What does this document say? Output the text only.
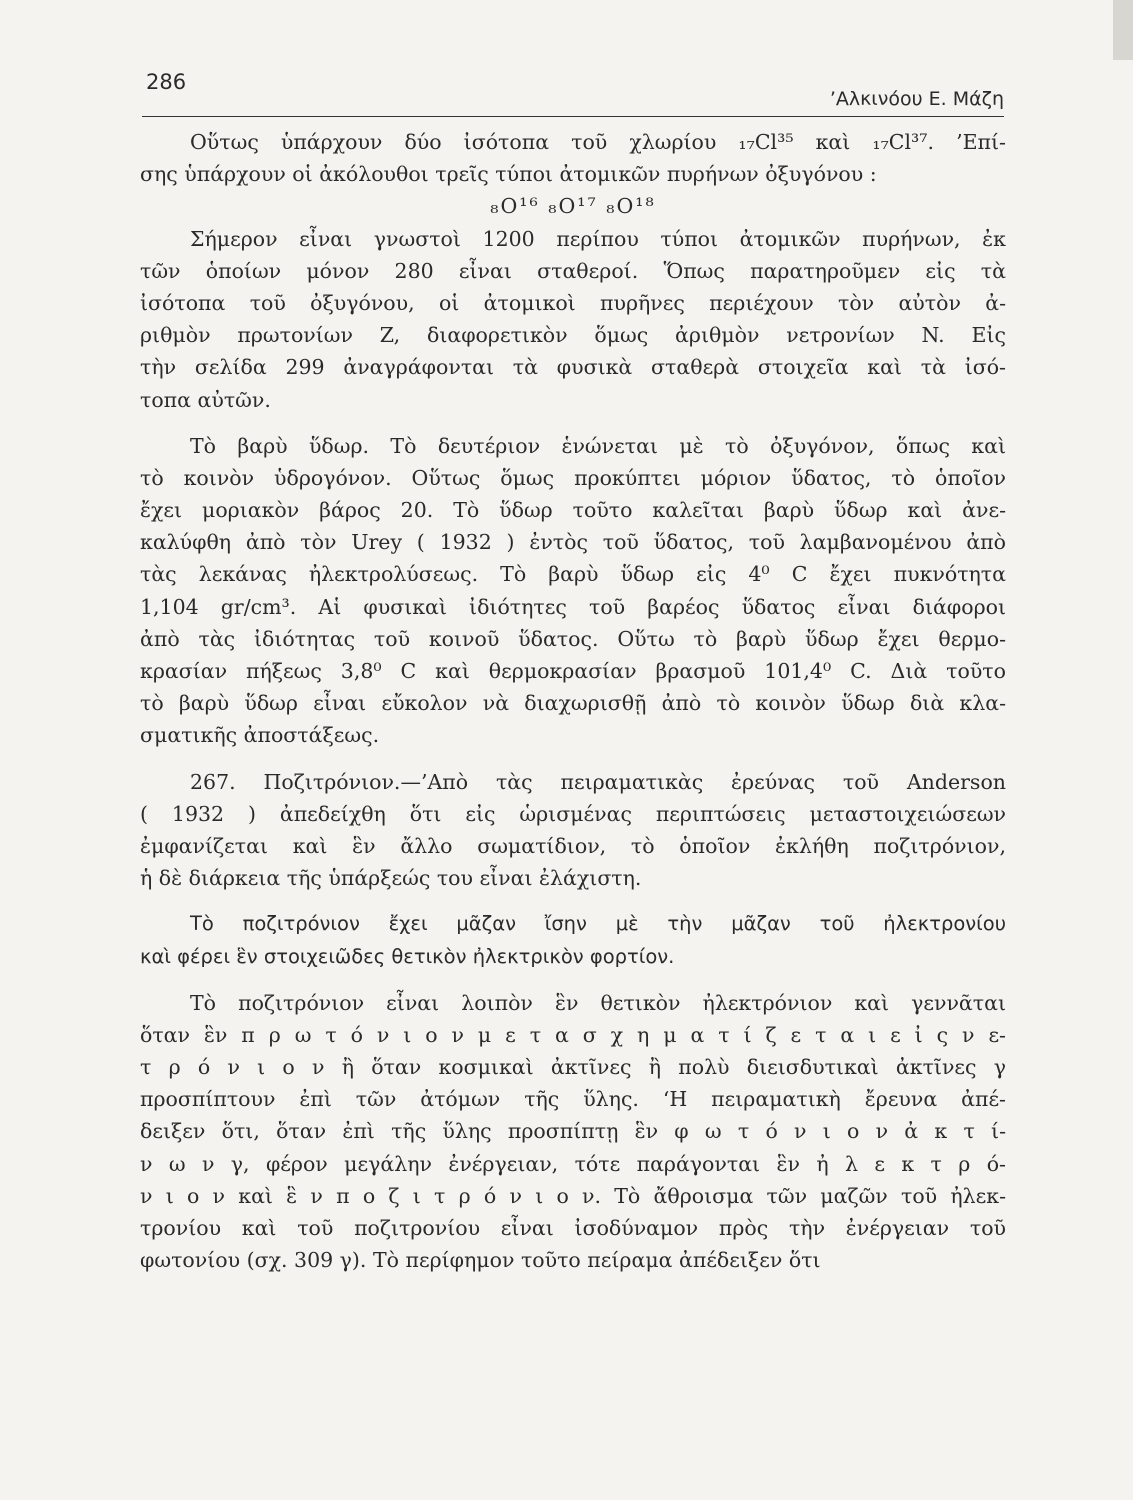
286
’Αλκινόου Ε. Μάζη
Οὕτως ὑπάρχουν δύο ἰσότοπα τοῦ χλωρίου ₁₇Cl³⁵ καὶ ₁₇Cl³⁷. ’Επί-
σης ὑπάρχουν οἱ ἀκόλουθοι τρεῖς τύποι ἀτομικῶν πυρήνων ὀξυγόνου :
₈O¹⁶ ₈O¹⁷ ₈O¹⁸
Σήμερον εἶναι γνωστοὶ 1200 περίπου τύποι ἀτομικῶν πυρήνων, ἐκ
τῶν ὁποίων μόνον 280 εἶναι σταθεροί. Ὅπως παρατηροῦμεν εἰς τὰ
ἰσότοπα τοῦ ὀξυγόνου, οἱ ἀτομικοὶ πυρῆνες περιέχουν τὸν αὐτὸν ἀ-
ριθμὸν πρωτονίων Z, διαφορετικὸν ὅμως ἀριθμὸν νετρονίων N. Εἰς
τὴν σελίδα 299 ἀναγράφονται τὰ φυσικὰ σταθερὰ στοιχεῖα καὶ τὰ ἰσό-
τοπα αὐτῶν.
Τὸ βαρὺ ὕδωρ. Τὸ δευτέριον ἑνώνεται μὲ τὸ ὀξυγόνον, ὅπως καὶ
τὸ κοινὸν ὑδρογόνον. Οὕτως ὅμως προκύπτει μόριον ὕδατος, τὸ ὁποῖον
ἔχει μοριακὸν βάρος 20. Τὸ ὕδωρ τοῦτο καλεῖται βαρὺ ὕδωρ καὶ ἀνε-
καλύφθη ἀπὸ τὸν Urey ( 1932 ) ἐντὸς τοῦ ὕδατος, τοῦ λαμβανομένου ἀπὸ
τὰς λεκάνας ἠλεκτρολύσεως. Τὸ βαρὺ ὕδωρ εἰς 4⁰ C ἔχει πυκνότητα
1,104 gr/cm³. Αἱ φυσικαὶ ἰδιότητες τοῦ βαρέος ὕδατος εἶναι διάφοροι
ἀπὸ τὰς ἰδιότητας τοῦ κοινοῦ ὕδατος. Οὕτω τὸ βαρὺ ὕδωρ ἔχει θερμο-
κρασίαν πήξεως 3,8⁰ C καὶ θερμοκρασίαν βρασμοῦ 101,4⁰ C. Διὰ τοῦτο
τὸ βαρὺ ὕδωρ εἶναι εὔκολον νὰ διαχωρισθῇ ἀπὸ τὸ κοινὸν ὕδωρ διὰ κλα-
σματικῆς ἀποστάξεως.
267. Ποζιτρόνιον.—’Απὸ τὰς πειραματικὰς ἐρεύνας τοῦ Anderson
( 1932 ) ἀπεδείχθη ὅτι εἰς ὡρισμένας περιπτώσεις μεταστοιχειώσεων
ἐμφανίζεται καὶ ἓν ἄλλο σωματίδιον, τὸ ὁποῖον ἐκλήθη ποζιτρόνιον,
ἡ δὲ διάρκεια τῆς ὑπάρξεώς του εἶναι ἐλάχιστη.
Τὸ ποζιτρόνιον ἔχει μᾶζαν ἴσην μὲ τὴν μᾶζαν τοῦ ἠλεκτρονίου
καὶ φέρει ἓν στοιχειῶδες θετικὸν ἠλεκτρικὸν φορτίον.
Τὸ ποζιτρόνιον εἶναι λοιπὸν ἓν θετικὸν ἠλεκτρόνιον καὶ γεννᾶται
ὅταν ἓν π ρ ω τ ό ν ι ο ν μ ε τ α σ χ η μ α τ ί ζ ε τ α ι ε ἰ ς ν ε-
τ ρ ό ν ι ο ν ἢ ὅταν κοσμικαὶ ἀκτῖνες ἢ πολὺ διεισδυτικαὶ ἀκτῖνες γ
προσπίπτουν ἐπὶ τῶν ἀτόμων τῆς ὕλης. ‘Η πειραματικὴ ἔρευνα ἀπέ-
δειξεν ὅτι, ὅταν ἐπὶ τῆς ὕλης προσπίπτῃ ἓν φ ω τ ό ν ι ο ν ἀ κ τ ί-
ν ω ν γ, φέρον μεγάλην ἐνέργειαν, τότε παράγονται ἓν ἠ λ ε κ τ ρ ό-
ν ι ο ν καὶ ἓ ν π ο ζ ι τ ρ ό ν ι ο ν. Τὸ ἄθροισμα τῶν μαζῶν τοῦ ἠλεκ-
τρονίου καὶ τοῦ ποζιτρονίου εἶναι ἰσοδύναμον πρὸς τὴν ἐνέργειαν τοῦ
φωτονίου (σχ. 309 γ). Τὸ περίφημον τοῦτο πείραμα ἀπέδειξεν ὅτι
